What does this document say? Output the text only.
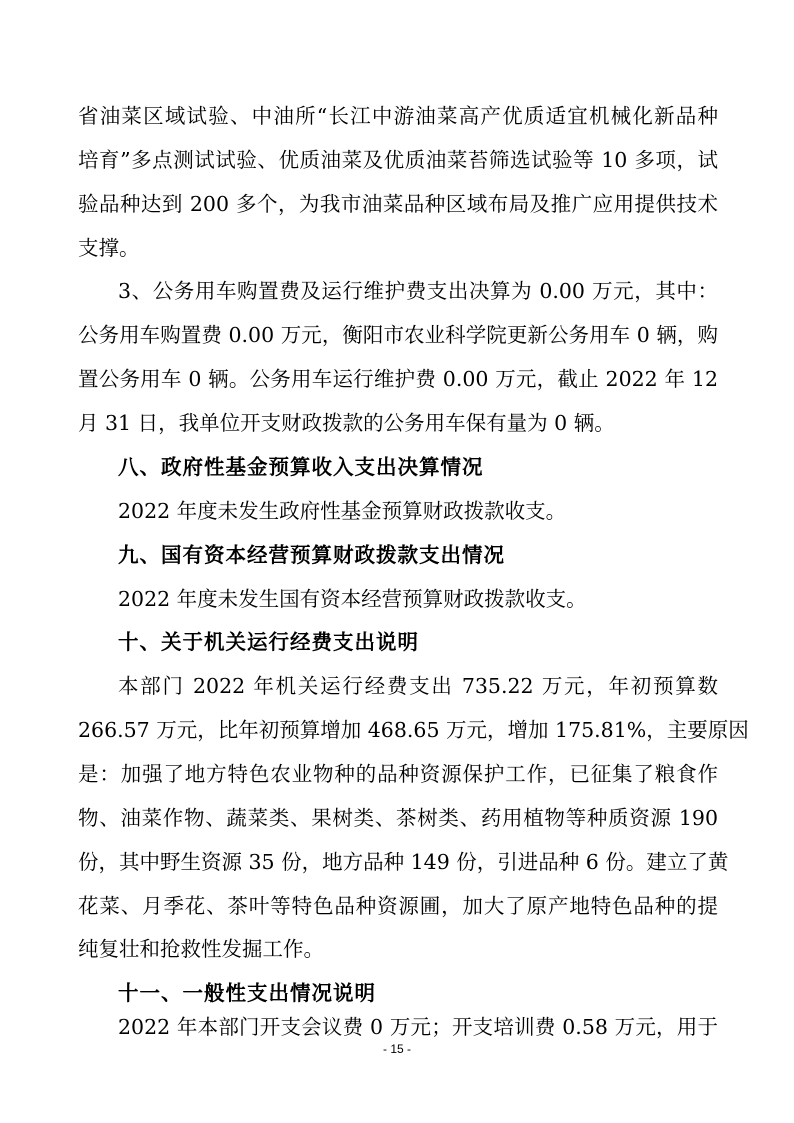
省油菜区域试验、中油所“长江中游油菜高产优质适宜机械化新品种
培育”多点测试试验、优质油菜及优质油菜苔筛选试验等 10 多项，试
验品种达到 200 多个，为我市油菜品种区域布局及推广应用提供技术
支撑。
3、公务用车购置费及运行维护费支出决算为 0.00 万元，其中：
公务用车购置费 0.00 万元，衡阳市农业科学院更新公务用车 0 辆，购
置公务用车 0 辆。公务用车运行维护费 0.00 万元，截止 2022 年 12
月 31 日，我单位开支财政拨款的公务用车保有量为 0 辆。
八、政府性基金预算收入支出决算情况
2022 年度未发生政府性基金预算财政拨款收支。
九、国有资本经营预算财政拨款支出情况
2022 年度未发生国有资本经营预算财政拨款收支。
十、关于机关运行经费支出说明
本部门 2022 年机关运行经费支出 735.22 万元，年初预算数
266.57 万元，比年初预算增加 468.65 万元，增加 175.81%，主要原因
是：加强了地方特色农业物种的品种资源保护工作，已征集了粮食作
物、油菜作物、蔬菜类、果树类、茶树类、药用植物等种质资源 190
份，其中野生资源 35 份，地方品种 149 份，引进品种 6 份。建立了黄
花菜、月季花、茶叶等特色品种资源圃，加大了原产地特色品种的提
纯复壮和抢救性发掘工作。
十一、一般性支出情况说明
2022 年本部门开支会议费 0 万元；开支培训费 0.58 万元，用于
- 15 -
